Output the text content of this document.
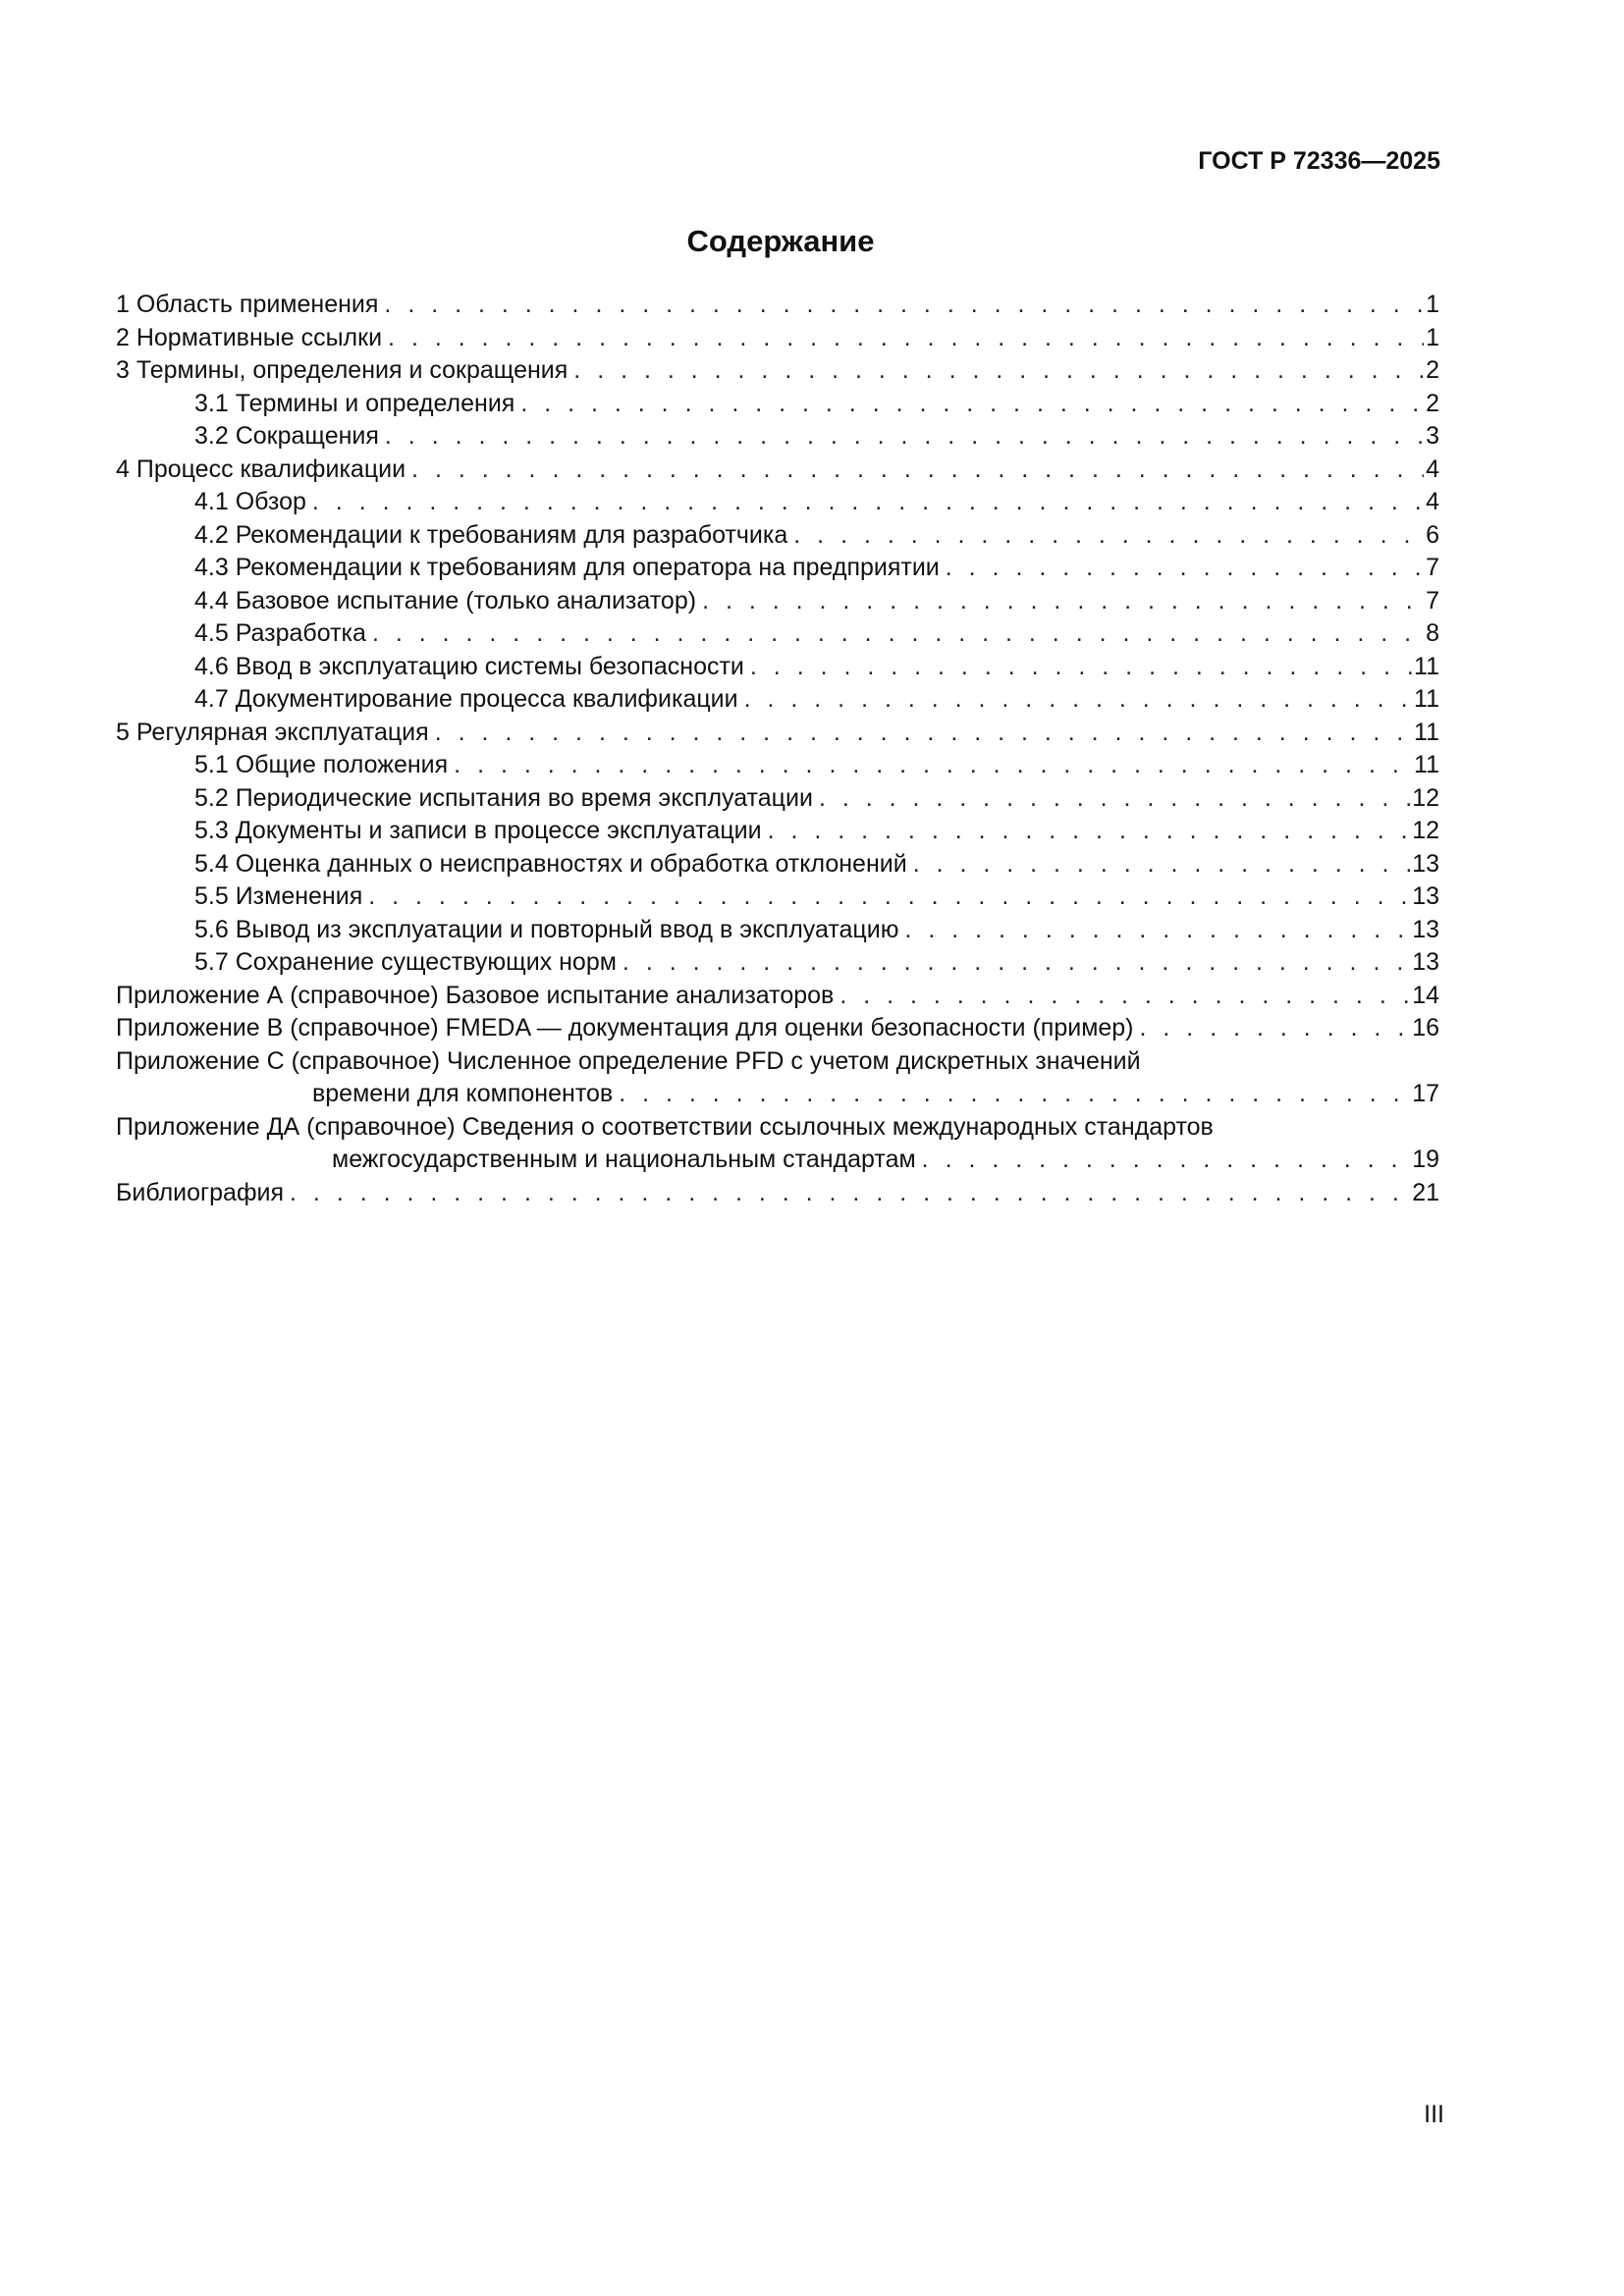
ГОСТ Р 72336—2025
Содержание
1 Область применения . . .	1
2 Нормативные ссылки . . .	1
3 Термины, определения и сокращения . . .	2
3.1 Термины и определения . . .	2
3.2 Сокращения . . .	3
4 Процесс квалификации . . .	4
4.1 Обзор . . .	4
4.2 Рекомендации к требованиям для разработчика . . .	6
4.3 Рекомендации к требованиям для оператора на предприятии . . .	7
4.4 Базовое испытание (только анализатор) . . .	7
4.5 Разработка . . .	8
4.6 Ввод в эксплуатацию системы безопасности . . .	11
4.7 Документирование процесса квалификации . . .	11
5 Регулярная эксплуатация . . .	11
5.1 Общие положения . . .	11
5.2 Периодические испытания во время эксплуатации . . .	12
5.3 Документы и записи в процессе эксплуатации . . .	12
5.4 Оценка данных о неисправностях и обработка отклонений . . .	13
5.5 Изменения . . .	13
5.6 Вывод из эксплуатации и повторный ввод в эксплуатацию . . .	13
5.7 Сохранение существующих норм . . .	13
Приложение А (справочное) Базовое испытание анализаторов . . .	14
Приложение В (справочное) FMEDA — документация для оценки безопасности (пример) . . .	16
Приложение С (справочное) Численное определение PFD с учетом дискретных значений
времени для компонентов . . .	17
Приложение ДА (справочное) Сведения о соответствии ссылочных международных стандартов
межгосударственным и национальным стандартам . . .	19
Библиография . . .	21
III
